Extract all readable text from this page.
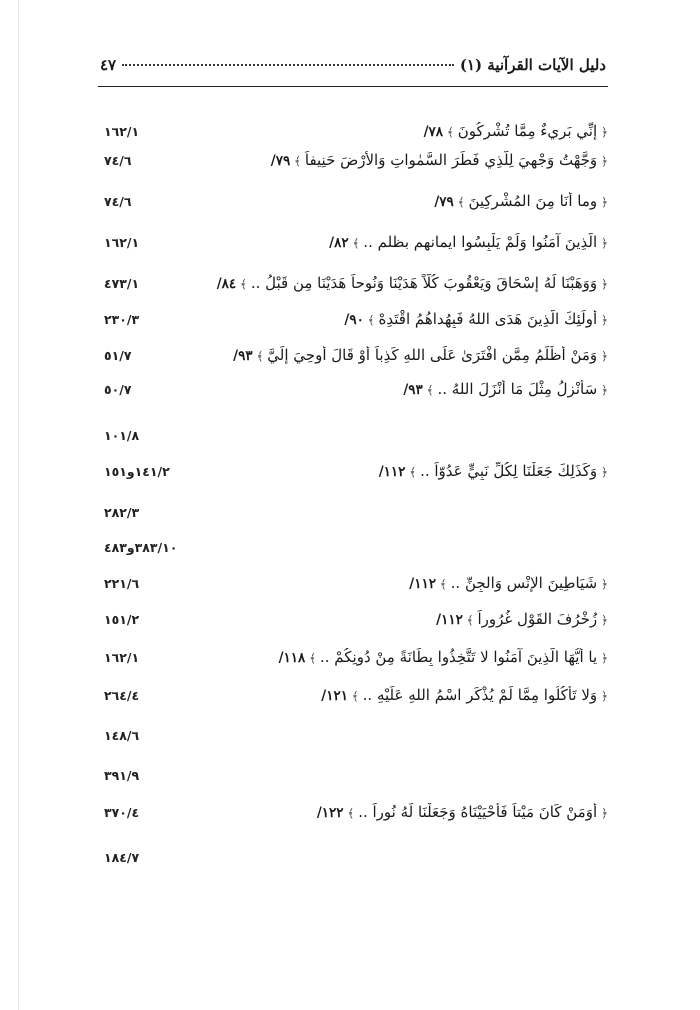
دليل الآيات القرآنية (١)
٤٧
١٦٢/١	﴿ إِنِّي بَرِيءٌ مِمَّا تُشْرِكُونَ ﴾ ٧٨/
٧٤/٦	﴿ وَجَّهْتُ وَجْهِيَ لِلَّذِي فَطَرَ السَّمٰواتِ وَالأَرْضَ حَنِيفاً ﴾ ٧٩/
٧٤/٦	﴿ وما أَنَا مِنَ المُشْرِكِينَ ﴾ ٧٩/
١٦٢/١	﴿ الَّذِينَ آمَنُوا وَلَمْ يَلْبِسُوا ايمانهم بظلم .. ﴾ ٨٢/
٤٧٣/١	﴿ وَوَهَبْنَا لَهُ إِسْحَاقَ وَيَعْقُوبَ كُلّاً هَدَيْنَا وَنُوحاً هَدَيْنَا مِن قَبْلُ .. ﴾ ٨٤/
٢٣٠/٣	﴿ أُولَئِكَ الَّذِينَ هَدَى اللهُ فَبِهُداهُمُ اقْتَدِهْ ﴾ ٩٠/
٥١/٧	﴿ وَمَنْ أَظْلَمُ مِمَّنِ افْتَرَىٰ عَلَى اللهِ كَذِباً أَوْ قَالَ أُوحِيَ إِلَيَّ ﴾ ٩٣/
٥٠/٧	﴿ سَأُنْزِلُ مِثْلَ مَا أَنْزَلَ اللهُ .. ﴾ ٩٣/
١٠١/٨
١٤١/٢و١٥١	﴿ وَكَذَلِكَ جَعَلْنَا لِكُلِّ نَبِيٍّ عَدُوّاً .. ﴾ ١١٢/
٢٨٢/٣
٣٨٣/١٠و٤٨٣
٢٢١/٦	﴿ شَيَاطِينَ الإِنْسِ وَالجِنِّ .. ﴾ ١١٢/
١٥١/٢	﴿ زُخْرُفَ القَوْلِ غُرُوراً ﴾ ١١٢/
١٦٢/١	﴿ يا أَيُّهَا الَّذِينَ آمَنُوا لا تَتَّخِذُوا بِطَانَةً مِنْ دُونِكُمْ .. ﴾ ١١٨/
٢٦٤/٤	﴿ وَلا تَأْكُلُوا مِمَّا لَمْ يُذْكَرِ اسْمُ اللهِ عَلَيْهِ .. ﴾ ١٢١/
١٤٨/٦
٣٩١/٩
٣٧٠/٤	﴿ أَوَمَنْ كَانَ مَيْتاً فَأَحْيَيْنَاهُ وَجَعَلْنَا لَهُ نُوراً .. ﴾ ١٢٢/
١٨٤/٧
